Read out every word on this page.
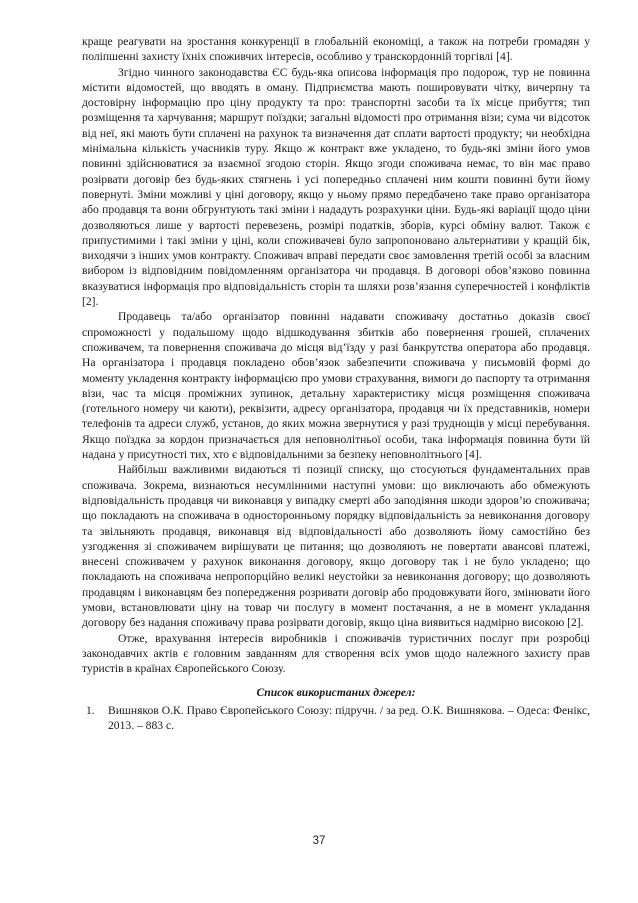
краще реагувати на зростання конкуренції в глобальній економіці, а також на потреби громадян у поліпшенні захисту їхніх споживчих інтересів, особливо у транскордонній торгівлі [4].

Згідно чинного законодавства ЄС будь-яка описова інформація про подорож, тур не повинна містити відомостей, що вводять в оману. Підприємства мають пошировувати чітку, вичерпну та достовірну інформацію про ціну продукту та про: транспортні засоби та їх місце прибуття; тип розміщення та харчування; маршрут поїздки; загальні відомості про отримання візи; сума чи відсоток від неї, які мають бути сплачені на рахунок та визначення дат сплати вартості продукту; чи необхідна мінімальна кількість учасників туру. Якщо ж контракт вже укладено, то будь-які зміни його умов повинні здійснюватися за взаємної згодою сторін. Якщо згоди споживача немає, то він має право розірвати договір без будь-яких стягнень і усі попередньо сплачені ним кошти повинні бути йому повернуті. Зміни можливі у ціні договору, якщо у ньому прямо передбачено таке право організатора або продавця та вони обгрунтують такі зміни і нададуть розрахунки ціни. Будь-які варіації щодо ціни дозволяються лише у вартості перевезень, розмірі податків, зборів, курсі обміну валют. Також є припустимими і такі зміни у ціні, коли споживачеві було запропоновано альтернативи у кращій бік, виходячи з інших умов контракту. Споживач вправі передати своє замовлення третій особі за власним вибором із відповідним повідомленням організатора чи продавця. В договорі обов’язково повинна вказуватися інформація про відповідальність сторін та шляхи розв’язання суперечностей і конфліктів [2].

Продавець та/або організатор повинні надавати споживачу достатньо доказів своєї спроможності у подальшому щодо відшкодування збитків або повернення грошей, сплачених споживачем, та повернення споживача до місця від’їзду у разі банкрутства оператора або продавця. На організатора і продавця покладено обов’язок забезпечити споживача у письмовій формі до моменту укладення контракту інформацією про умови страхування, вимоги до паспорту та отримання візи, час та місця проміжних зупинок, детальну характеристику місця розміщення споживача (готельного номеру чи каюти), реквізити, адресу організатора, продавця чи їх представників, номери телефонів та адреси служб, установ, до яких можна звернутися у разі труднощів у місці перебування. Якщо поїздка за кордон призначається для неповнолітньої особи, така інформація повинна бути їй надана у присутності тих, хто є відповідальними за безпеку неповнолітнього [4].

Найбільш важливими видаються ті позиції списку, що стосуються фундаментальних прав споживача. Зокрема, визнаються несумлінними наступні умови: що виключають або обмежують відповідальність продавця чи виконавця у випадку смерті або заподіяння шкоди здоров’ю споживача; що покладають на споживача в односторонньому порядку відповідальність за невиконання договору та звільняють продавця, виконавця від відповідальності або дозволяють йому самостійно без узгодження зі споживачем вирішувати це питання; що дозволяють не повертати авансові платежі, внесені споживачем у рахунок виконання договору, якщо договору так і не було укладено; що покладають на споживача непропорційно великі неустойки за невиконання договору; що дозволяють продавцям і виконавцям без попередження розривати договір або продовжувати його, змінювати його умови, встановлювати ціну на товар чи послугу в момент постачання, а не в момент укладання договору без надання споживачу права розірвати договір, якщо ціна виявиться надмірно високою [2].

Отже, врахування інтересів виробників і споживачів туристичних послуг при розробці законодавчих актів є головним завданням для створення всіх умов щодо належного захисту прав туристів в країнах Європейського Союзу.

Список використаних джерел:

1.	Вишняков О.К. Право Європейського Союзу: підручн. / за ред. О.К. Вишнякова. – Одеса: Фенікс, 2013. – 883 с.
37
